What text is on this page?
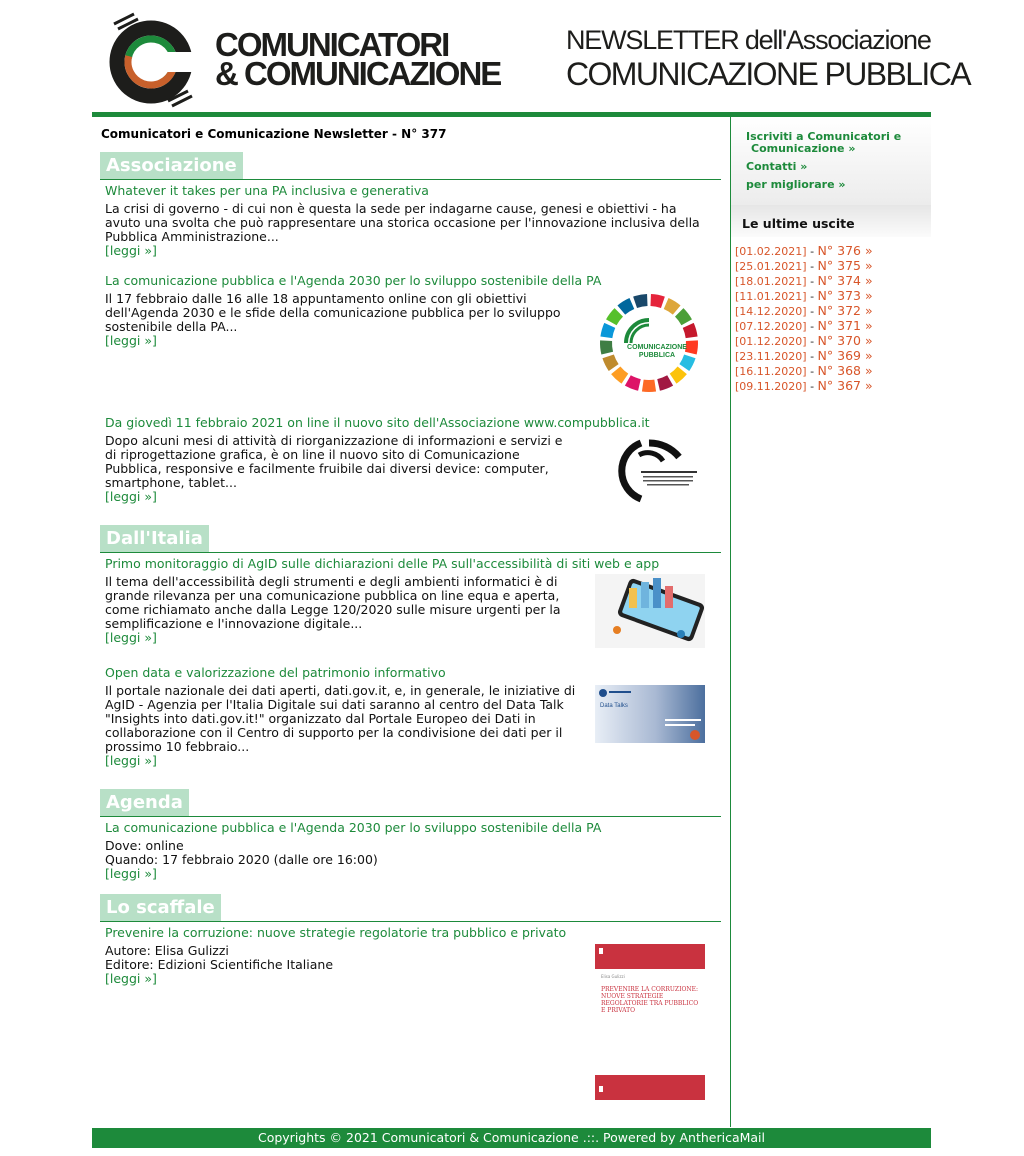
COMUNICATORI
& COMUNICAZIONE
NEWSLETTER dell'Associazione
COMUNICAZIONE PUBBLICA
Comunicatori e Comunicazione Newsletter - N° 377
Associazione
Whatever it takes per una PA inclusiva e generativa
La crisi di governo - di cui non è questa la sede per indagarne cause, genesi e obiettivi - ha avuto una svolta che può rappresentare una storica occasione per l'innovazione inclusiva della Pubblica Amministrazione...
[leggi »]
La comunicazione pubblica e l'Agenda 2030 per lo sviluppo sostenibile della PA
Il 17 febbraio dalle 16 alle 18 appuntamento online con gli obiettivi dell'Agenda 2030 e le sfide della comunicazione pubblica per lo sviluppo sostenibile della PA...
[leggi »]	COMUNICAZIONE
PUBBLICA
Da giovedì 11 febbraio 2021 on line il nuovo sito dell'Associazione www.compubblica.it
Dopo alcuni mesi di attività di riorganizzazione di informazioni e servizi e di riprogettazione grafica, è on line il nuovo sito di Comunicazione Pubblica, responsive e facilmente fruibile dai diversi device: computer, smartphone, tablet...
[leggi »]
Dall'Italia
Primo monitoraggio di AgID sulle dichiarazioni delle PA sull'accessibilità di siti web e app
Il tema dell'accessibilità degli strumenti e degli ambienti informatici è di grande rilevanza per una comunicazione pubblica on line equa e aperta, come richiamato anche dalla Legge 120/2020 sulle misure urgenti per la semplificazione e l'innovazione digitale...
[leggi »]
Open data e valorizzazione del patrimonio informativo
Il portale nazionale dei dati aperti, dati.gov.it, e, in generale, le iniziative di AgID - Agenzia per l'Italia Digitale sui dati saranno al centro del Data Talk "Insights into dati.gov.it!" organizzato dal Portale Europeo dei Dati in collaborazione con il Centro di supporto per la condivisione dei dati per il prossimo 10 febbraio...
[leggi »]
Data Talks
Agenda
La comunicazione pubblica e l'Agenda 2030 per lo sviluppo sostenibile della PA
Dove: online
Quando: 17 febbraio 2020 (dalle ore 16:00)
[leggi »]
Lo scaffale
Prevenire la corruzione: nuove strategie regolatorie tra pubblico e privato
Autore: Elisa Gulizzi
Editore: Edizioni Scientifiche Italiane
[leggi »]	Elisa Gulizzi
PREVENIRE LA CORRUZIONE: NUOVE STRATEGIE REGOLATORIE TRA PUBBLICO E PRIVATO
Iscriviti a Comunicatori e
Comunicazione »
Contatti »
per migliorare »
Le ultime uscite
[01.02.2021] - N° 376 »
[25.01.2021] - N° 375 »
[18.01.2021] - N° 374 »
[11.01.2021] - N° 373 »
[14.12.2020] - N° 372 »
[07.12.2020] - N° 371 »
[01.12.2020] - N° 370 »
[23.11.2020] - N° 369 »
[16.11.2020] - N° 368 »
[09.11.2020] - N° 367 »
Copyrights © 2021 Comunicatori & Comunicazione .::. Powered by AnthericaMail
